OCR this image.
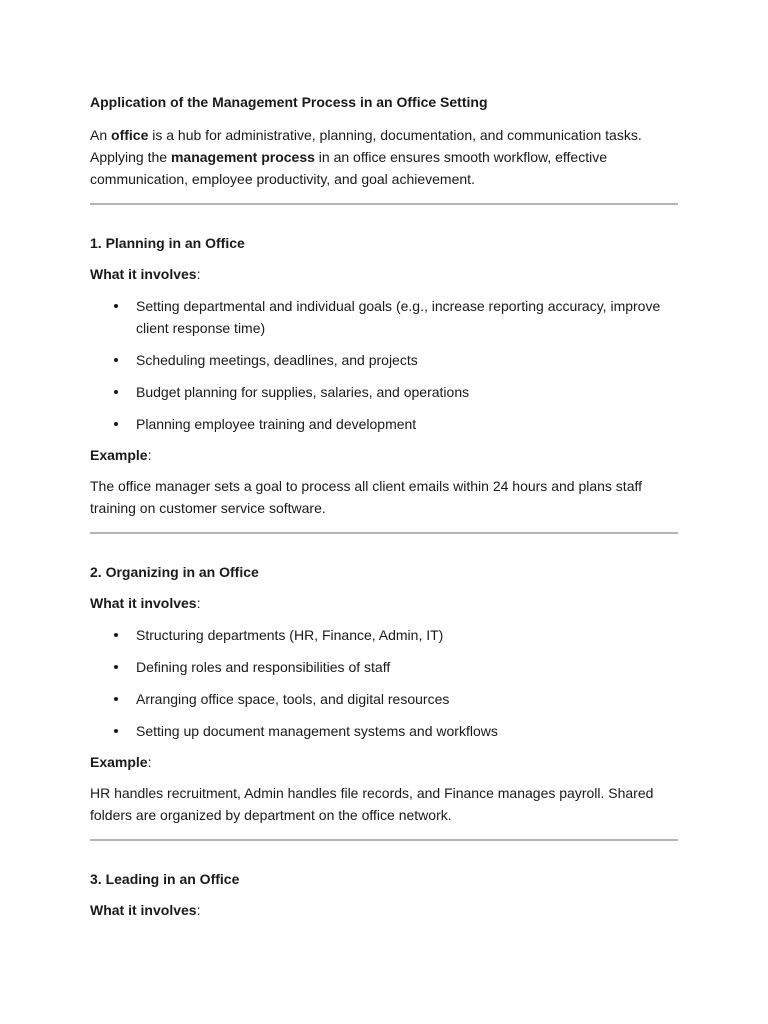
Application of the Management Process in an Office Setting

An office is a hub for administrative, planning, documentation, and communication tasks. Applying the management process in an office ensures smooth workflow, effective communication, employee productivity, and goal achievement.

1. Planning in an Office

What it involves:

Setting departmental and individual goals (e.g., increase reporting accuracy, improve client response time)
Scheduling meetings, deadlines, and projects
Budget planning for supplies, salaries, and operations
Planning employee training and development

Example:

The office manager sets a goal to process all client emails within 24 hours and plans staff training on customer service software.

2. Organizing in an Office

What it involves:

Structuring departments (HR, Finance, Admin, IT)
Defining roles and responsibilities of staff
Arranging office space, tools, and digital resources
Setting up document management systems and workflows

Example:

HR handles recruitment, Admin handles file records, and Finance manages payroll. Shared folders are organized by department on the office network.

3. Leading in an Office

What it involves:
